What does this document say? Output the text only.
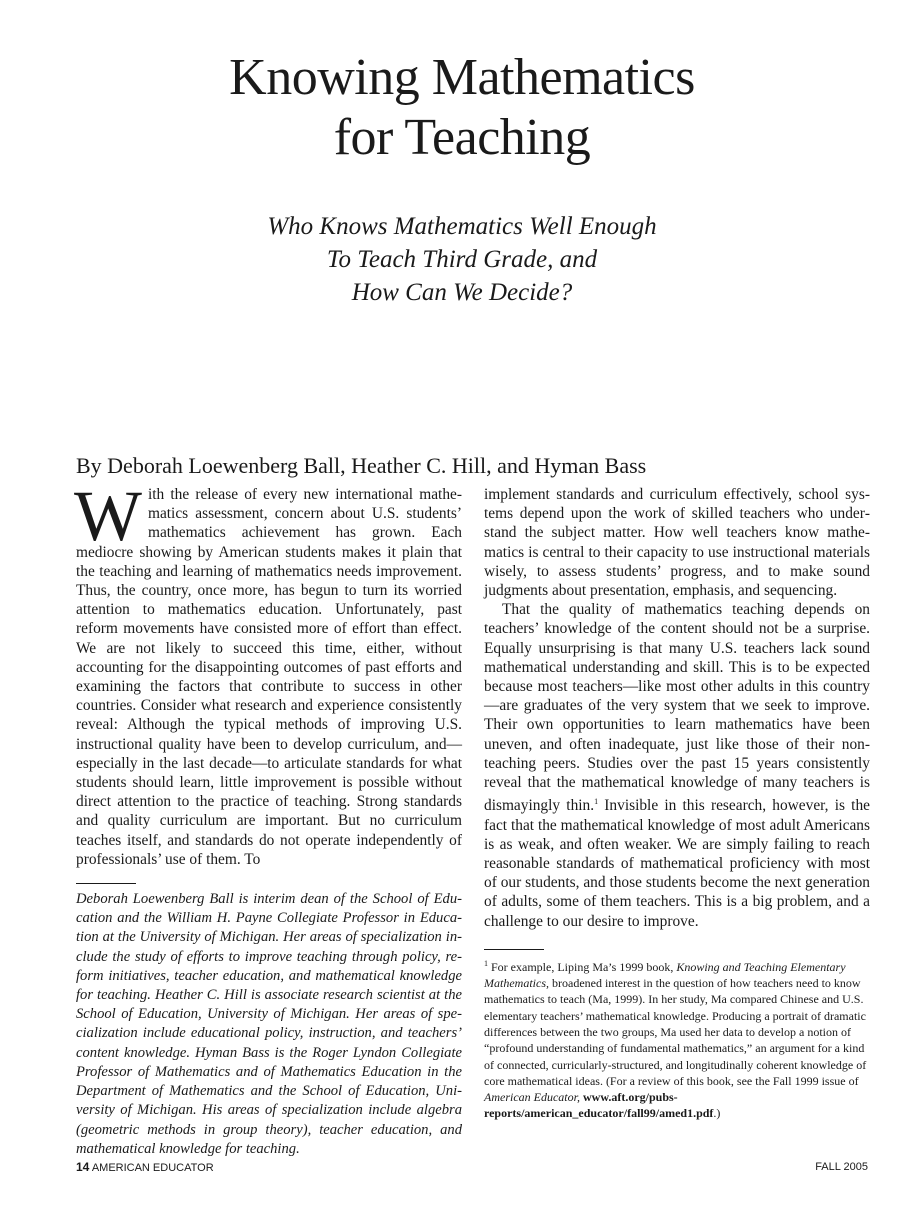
Knowing Mathematics
for Teaching
Who Knows Mathematics Well Enough
To Teach Third Grade, and
How Can We Decide?
By Deborah Loewenberg Ball, Heather C. Hill, and Hyman Bass

With the release of every new international mathematics assessment, concern about U.S. students’ mathematics achievement has grown. Each mediocre showing by American students makes it plain that the teaching and learning of mathematics needs improvement. Thus, the country, once more, has begun to turn its worried attention to mathematics education. Unfortunately, past reform movements have consisted more of effort than effect. We are not likely to succeed this time, either, without accounting for the disappointing outcomes of past efforts and examining the factors that contribute to success in other countries. Consider what research and experience consistently reveal: Although the typical methods of improving U.S. instructional quality have been to develop curriculum, and—especially in the last decade—to articulate standards for what students should learn, little improvement is possible without direct attention to the practice of teaching. Strong standards and quality curriculum are important. But no curriculum teaches itself, and standards do not operate independently of professionals’ use of them. To

Deborah Loewenberg Ball is interim dean of the School of Education and the William H. Payne Collegiate Professor in Education at the University of Michigan. Her areas of specialization include the study of efforts to improve teaching through policy, reform initiatives, teacher education, and mathematical knowledge for teaching. Heather C. Hill is associate research scientist at the School of Education, University of Michigan. Her areas of specialization include educational policy, instruction, and teachers’ content knowledge. Hyman Bass is the Roger Lyndon Collegiate Professor of Mathematics and of Mathematics Education in the Department of Mathematics and the School of Education, University of Michigan. His areas of specialization include algebra (geometric methods in group theory), teacher education, and mathematical knowledge for teaching.

implement standards and curriculum effectively, school systems depend upon the work of skilled teachers who understand the subject matter. How well teachers know mathematics is central to their capacity to use instructional materials wisely, to assess students’ progress, and to make sound judgments about presentation, emphasis, and sequencing.

That the quality of mathematics teaching depends on teachers’ knowledge of the content should not be a surprise. Equally unsurprising is that many U.S. teachers lack sound mathematical understanding and skill. This is to be expected because most teachers—like most other adults in this country—are graduates of the very system that we seek to improve. Their own opportunities to learn mathematics have been uneven, and often inadequate, just like those of their non-teaching peers. Studies over the past 15 years consistently reveal that the mathematical knowledge of many teachers is dismayingly thin.$^1$ Invisible in this research, however, is the fact that the mathematical knowledge of most adult Americans is as weak, and often weaker. We are simply failing to reach reasonable standards of mathematical proficiency with most of our students, and those students become the next generation of adults, some of them teachers. This is a big problem, and a challenge to our desire to improve.

$^1$ For example, Liping Ma’s 1999 book, Knowing and Teaching Elementary Mathematics, broadened interest in the question of how teachers need to know mathematics to teach (Ma, 1999). In her study, Ma compared Chinese and U.S. elementary teachers’ mathematical knowledge. Producing a portrait of dramatic differences between the two groups, Ma used her data to develop a notion of “profound understanding of fundamental mathematics,” an argument for a kind of connected, curricularly-structured, and longitudinally coherent knowledge of core mathematical ideas. (For a review of this book, see the Fall 1999 issue of American Educator, www.aft.org/pubs-reports/american_educator/fall99/amed1.pdf.)

14 AMERICAN EDUCATOR	FALL 2005
